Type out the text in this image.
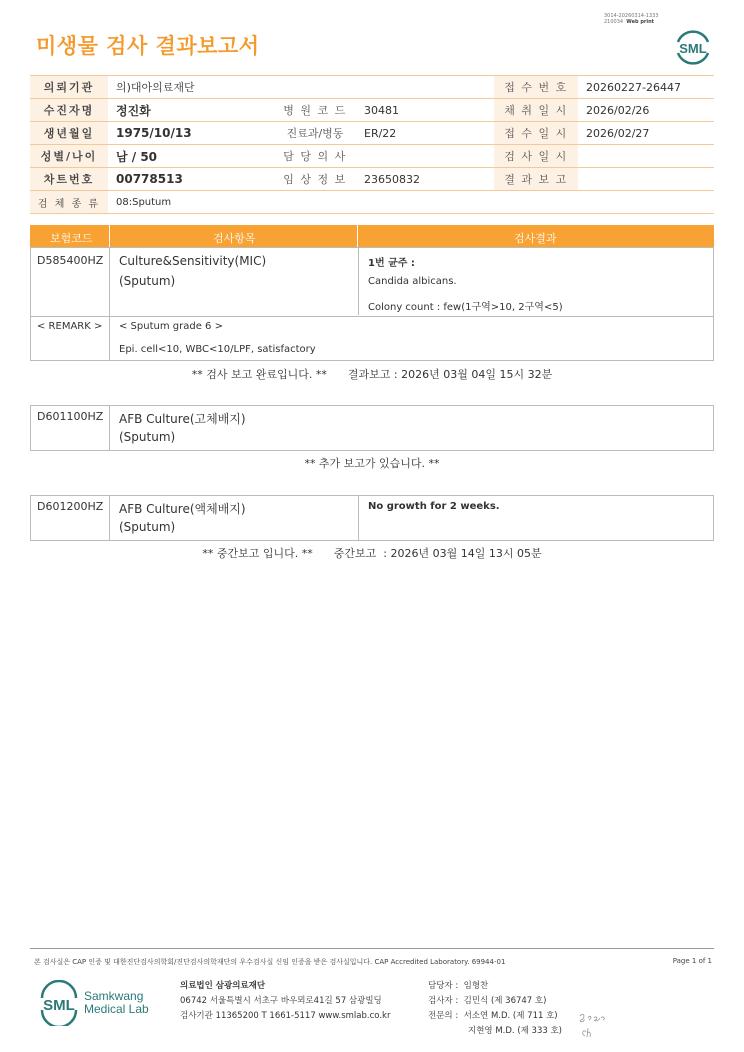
미생물 검사 결과보고서
3014-20260314-1333
210034 Web print
SML
의뢰기관	의)대아의료재단			접 수 번 호	20260227-26447
수진자명	정진화	병 원 코 드	30481	채 취 일 시	2026/02/26
생년월일	1975/10/13	진료과/병동	ER/22	접 수 일 시	2026/02/27
성별/나이	남 / 50	담 당 의 사		검 사 일 시	
차트번호	00778513	임 상 정 보	23650832	결 과 보 고	
검 체 종 류	08:Sputum				
보험코드	검사항목	검사결과
D585400HZ Culture&Sensitivity(MIC)
(Sputum)
1번 균주 :
Candida albicans.
Colony count : few(1구역>10, 2구역<5)
< REMARK > < Sputum grade 6 >
Epi. cell<10, WBC<10/LPF, satisfactory
** 검사 보고 완료입니다. **      결과보고 : 2026년 03월 04일 15시 32분
D601100HZ AFB Culture(고체배지)
(Sputum)
** 추가 보고가 있습니다. **
D601200HZ AFB Culture(액체배지)
(Sputum)
No growth for 2 weeks.
** 중간보고 입니다. **      중간보고  : 2026년 03월 14일 13시 05분
본 검사실은 CAP 인증 및 대한진단검사의학회/진단검사의학재단의 우수검사실 신임 인증을 받은 검사실입니다. CAP Accredited Laboratory. 69944-01	Page 1 of 1
SML
Samkwang
Medical Lab
의료법인 삼광의료재단
06742 서울특별시 서초구 바우뫼로41길 57 삼광빌딩
검사기관 11365200 T 1661-5117 www.smlab.co.kr
담당자 : 임형찬
검사자 : 김민식 (제 36747 호)
전문의 : 서소연 M.D. (제 711 호)
지현영 M.D. (제 333 호)
